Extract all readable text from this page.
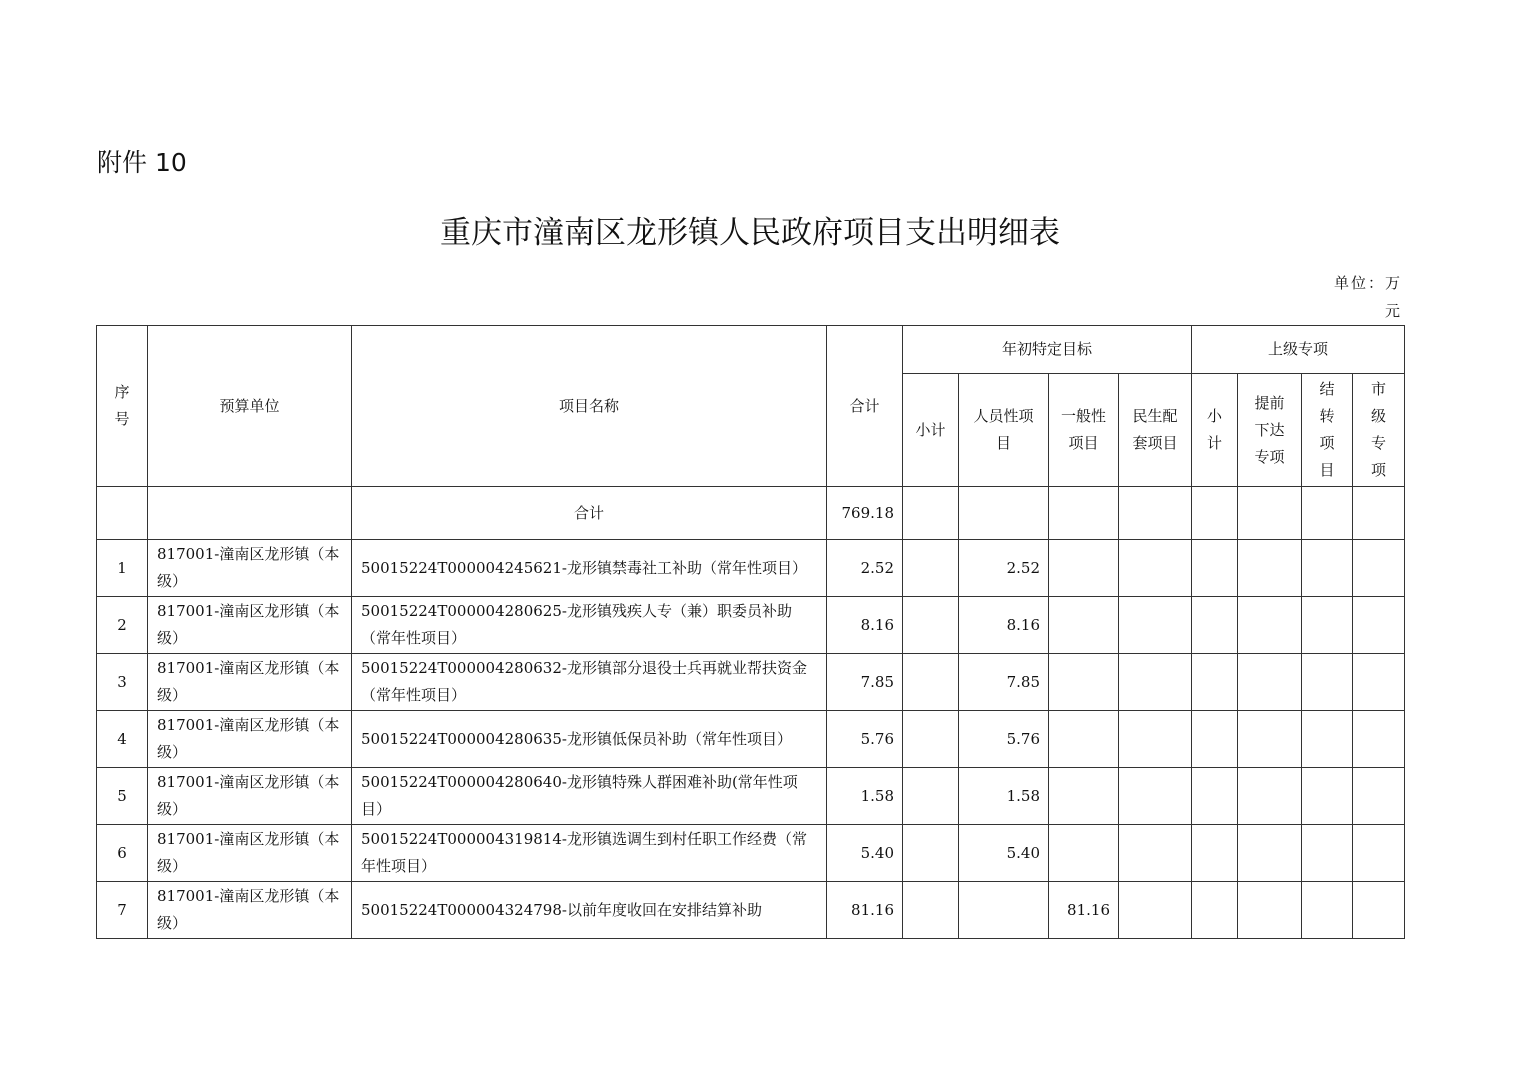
附件 10
重庆市潼南区龙形镇人民政府项目支出明细表
单位：万元
序号	预算单位	项目名称	合计	年初特定目标				上级专项			
				小计	人员性项目	一般性项目	民生配套项目	小计	提前下达专项	结转项目	市级专项
		合计	769.18								
1	817001-潼南区龙形镇（本级）	50015224T000004245621-龙形镇禁毒社工补助（常年性项目）	2.52		2.52						
2	817001-潼南区龙形镇（本级）	50015224T000004280625-龙形镇残疾人专（兼）职委员补助（常年性项目）	8.16		8.16						
3	817001-潼南区龙形镇（本级）	50015224T000004280632-龙形镇部分退役士兵再就业帮扶资金（常年性项目）	7.85		7.85						
4	817001-潼南区龙形镇（本级）	50015224T000004280635-龙形镇低保员补助（常年性项目）	5.76		5.76						
5	817001-潼南区龙形镇（本级）	50015224T000004280640-龙形镇特殊人群困难补助(常年性项目）	1.58		1.58						
6	817001-潼南区龙形镇（本级）	50015224T000004319814-龙形镇选调生到村任职工作经费（常年性项目）	5.40		5.40						
7	817001-潼南区龙形镇（本级）	50015224T000004324798-以前年度收回在安排结算补助	81.16			81.16					
